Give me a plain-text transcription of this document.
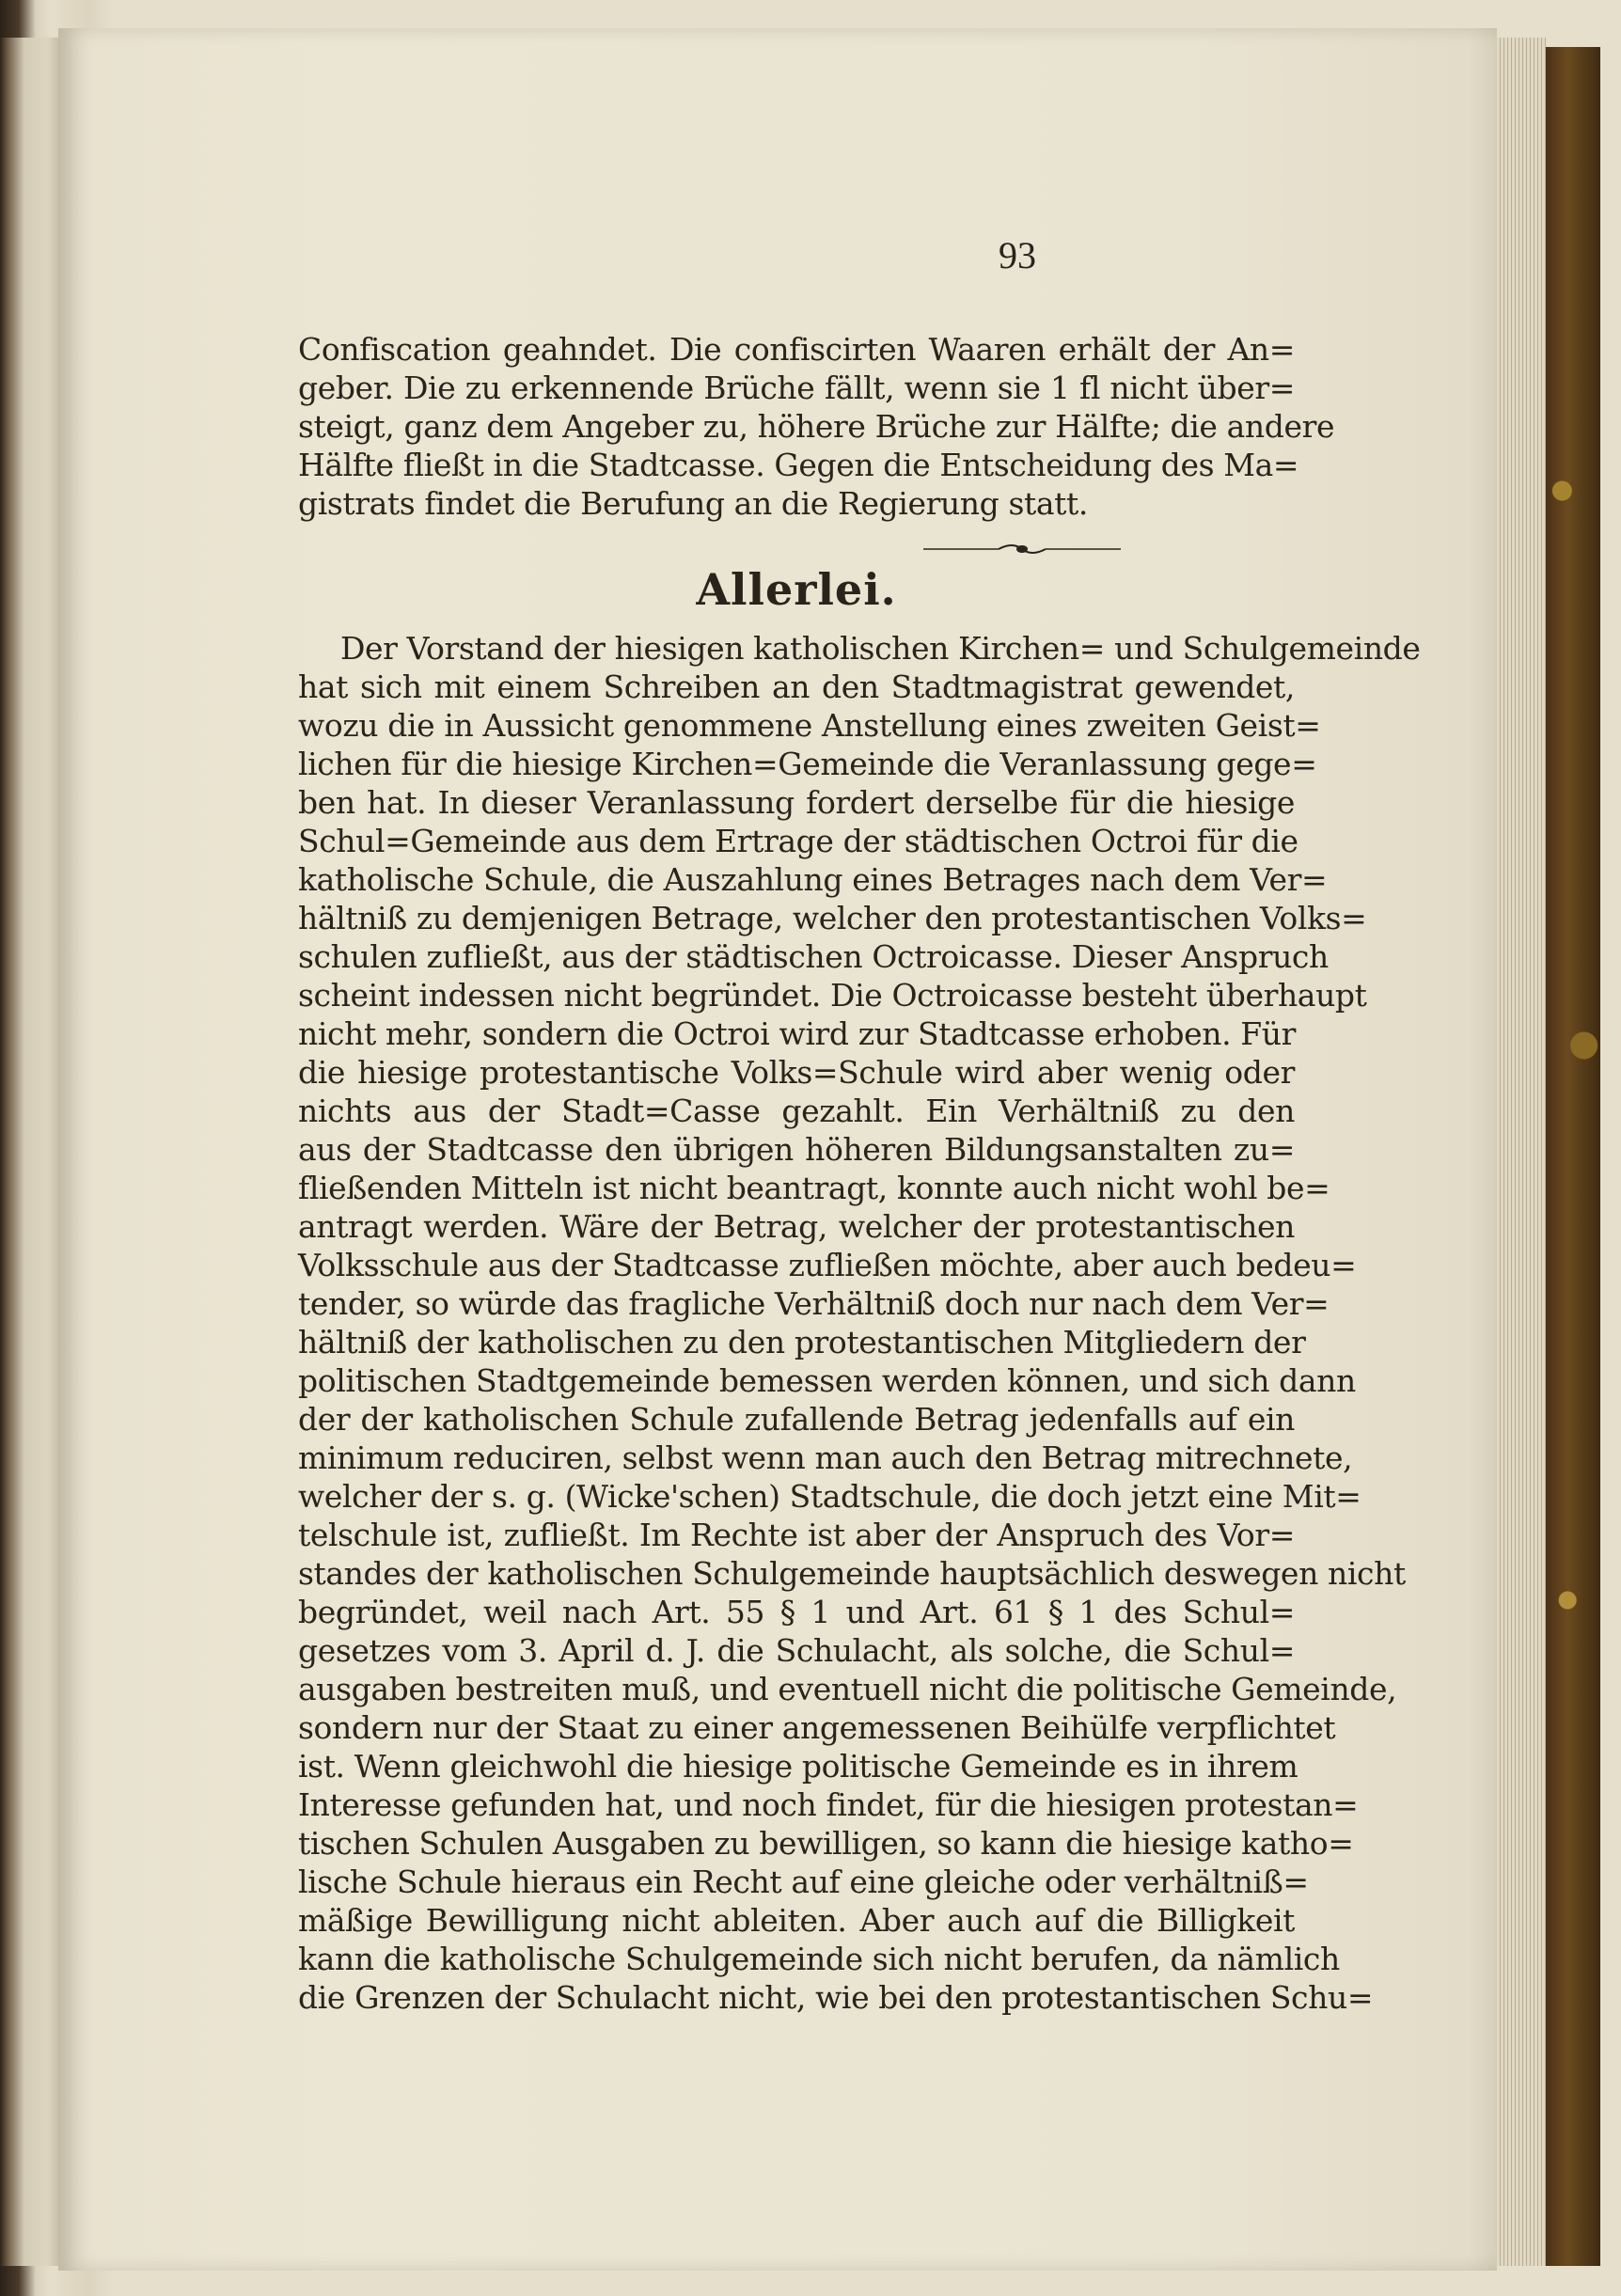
93
Confiscation geahndet. Die confiscirten Waaren erhält der An=
geber. Die zu erkennende Brüche fällt, wenn sie 1 fl nicht über=
steigt, ganz dem Angeber zu, höhere Brüche zur Hälfte; die andere
Hälfte fließt in die Stadtcasse. Gegen die Entscheidung des Ma=
gistrats findet die Berufung an die Regierung statt.
Allerlei.
Der Vorstand der hiesigen katholischen Kirchen= und Schulgemeinde
hat sich mit einem Schreiben an den Stadtmagistrat gewendet,
wozu die in Aussicht genommene Anstellung eines zweiten Geist=
lichen für die hiesige Kirchen=Gemeinde die Veranlassung gege=
ben hat. In dieser Veranlassung fordert derselbe für die hiesige
Schul=Gemeinde aus dem Ertrage der städtischen Octroi für die
katholische Schule, die Auszahlung eines Betrages nach dem Ver=
hältniß zu demjenigen Betrage, welcher den protestantischen Volks=
schulen zufließt, aus der städtischen Octroicasse. Dieser Anspruch
scheint indessen nicht begründet. Die Octroicasse besteht überhaupt
nicht mehr, sondern die Octroi wird zur Stadtcasse erhoben. Für
die hiesige protestantische Volks=Schule wird aber wenig oder
nichts aus der Stadt=Casse gezahlt. Ein Verhältniß zu den
aus der Stadtcasse den übrigen höheren Bildungsanstalten zu=
fließenden Mitteln ist nicht beantragt, konnte auch nicht wohl be=
antragt werden. Wäre der Betrag, welcher der protestantischen
Volksschule aus der Stadtcasse zufließen möchte, aber auch bedeu=
tender, so würde das fragliche Verhältniß doch nur nach dem Ver=
hältniß der katholischen zu den protestantischen Mitgliedern der
politischen Stadtgemeinde bemessen werden können, und sich dann
der der katholischen Schule zufallende Betrag jedenfalls auf ein
minimum reduciren, selbst wenn man auch den Betrag mitrechnete,
welcher der s. g. (Wicke'schen) Stadtschule, die doch jetzt eine Mit=
telschule ist, zufließt. Im Rechte ist aber der Anspruch des Vor=
standes der katholischen Schulgemeinde hauptsächlich deswegen nicht
begründet, weil nach Art. 55 § 1 und Art. 61 § 1 des Schul=
gesetzes vom 3. April d. J. die Schulacht, als solche, die Schul=
ausgaben bestreiten muß, und eventuell nicht die politische Gemeinde,
sondern nur der Staat zu einer angemessenen Beihülfe verpflichtet
ist. Wenn gleichwohl die hiesige politische Gemeinde es in ihrem
Interesse gefunden hat, und noch findet, für die hiesigen protestan=
tischen Schulen Ausgaben zu bewilligen, so kann die hiesige katho=
lische Schule hieraus ein Recht auf eine gleiche oder verhältniß=
mäßige Bewilligung nicht ableiten. Aber auch auf die Billigkeit
kann die katholische Schulgemeinde sich nicht berufen, da nämlich
die Grenzen der Schulacht nicht, wie bei den protestantischen Schu=
